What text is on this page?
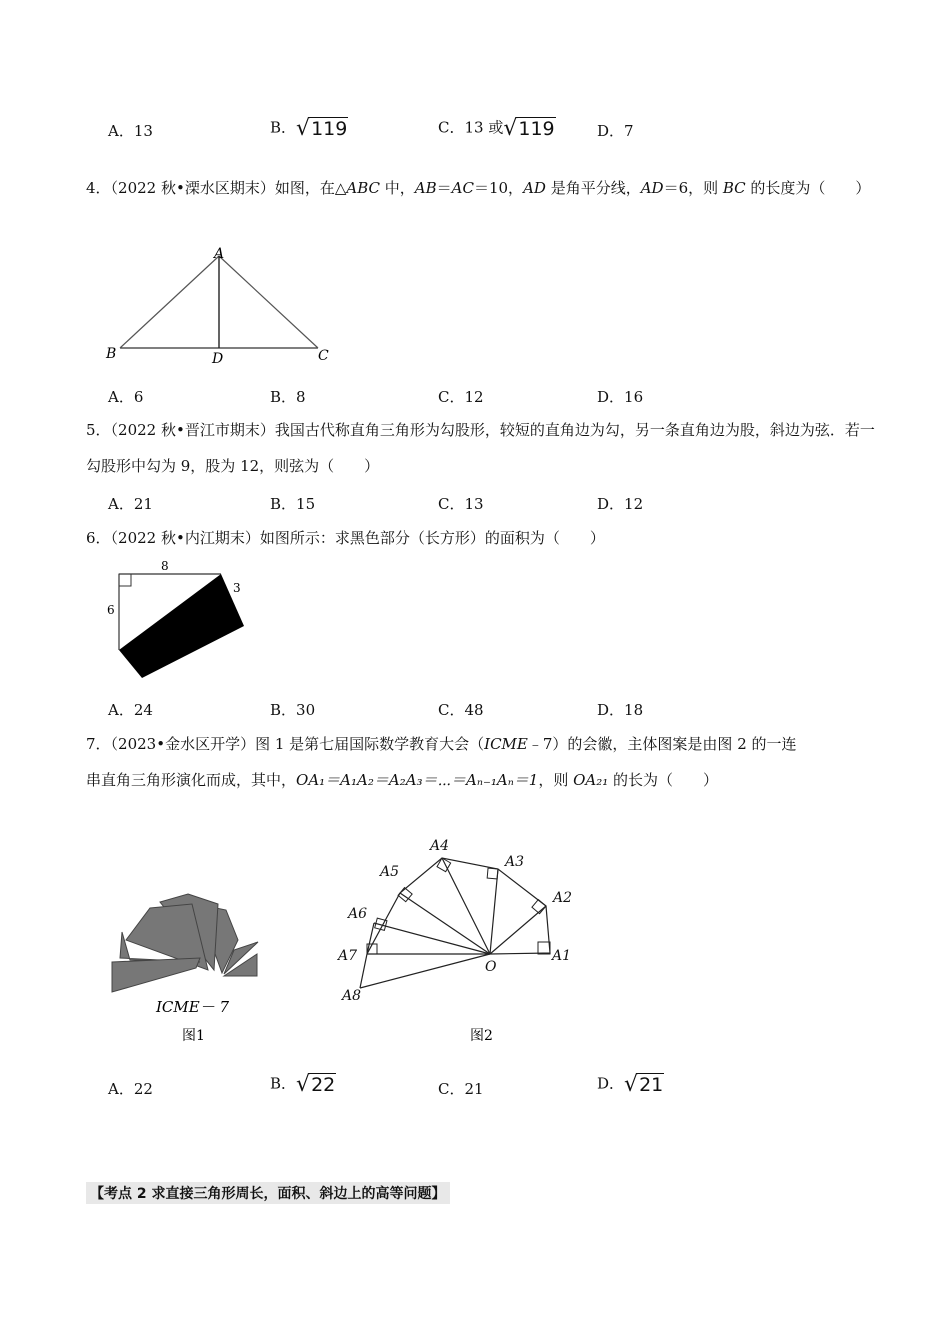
A．13	B．√119	C．13 或√119	D．7
4．（2022 秋•溧水区期末）如图，在△ABC 中，AB＝AC＝10，AD 是角平分线，AD＝6，则 BC 的长度为（　　）
A
B	D	C
A．6	B．8	C．12	D．16
5．（2022 秋•晋江市期末）我国古代称直角三角形为勾股形，较短的直角边为勾，另一条直角边为股，斜边为弦．若一勾股形中勾为 9，股为 12，则弦为（　　）
A．21	B．15	C．13	D．12
6．（2022 秋•内江期末）如图所示：求黑色部分（长方形）的面积为（　　）
8
6
3
A．24	B．30	C．48	D．18
7．（2023•金水区开学）图 1 是第七届国际数学教育大会（ICME﹣7）的会徽，主体图案是由图 2 的一连
串直角三角形演化而成，其中，OA₁＝A₁A₂＝A₂A₃＝⋯＝Aₙ₋₁Aₙ＝1，则 OA₂₁ 的长为（　　）
ICME－ 7
图1
O
A1
A2
A3
A4
A5
A6
A7
A8
图2
A．22	B．√22	C．21	D．√21
【考点 2 求直接三角形周长，面积、斜边上的高等问题】
